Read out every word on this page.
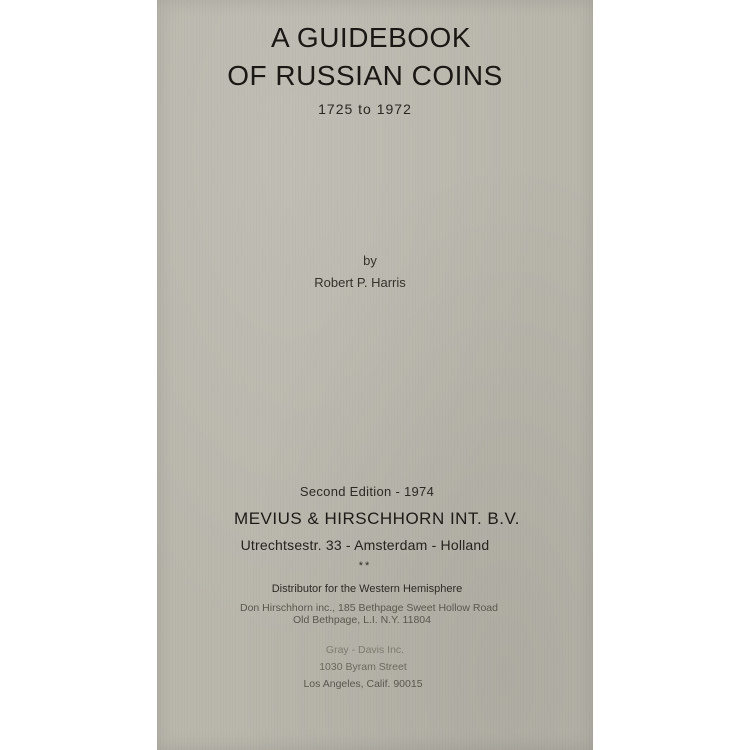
A GUIDEBOOK
OF RUSSIAN COINS
1725 to 1972
by
Robert P. Harris
Second Edition - 1974
MEVIUS & HIRSCHHORN INT. B.V.
Utrechtsestr. 33 - Amsterdam - Holland
**
Distributor for the Western Hemisphere
Don Hirschhorn inc., 185 Bethpage Sweet Hollow Road
Old Bethpage, L.I. N.Y. 11804
Gray - Davis Inc.
1030 Byram Street
Los Angeles, Calif. 90015
